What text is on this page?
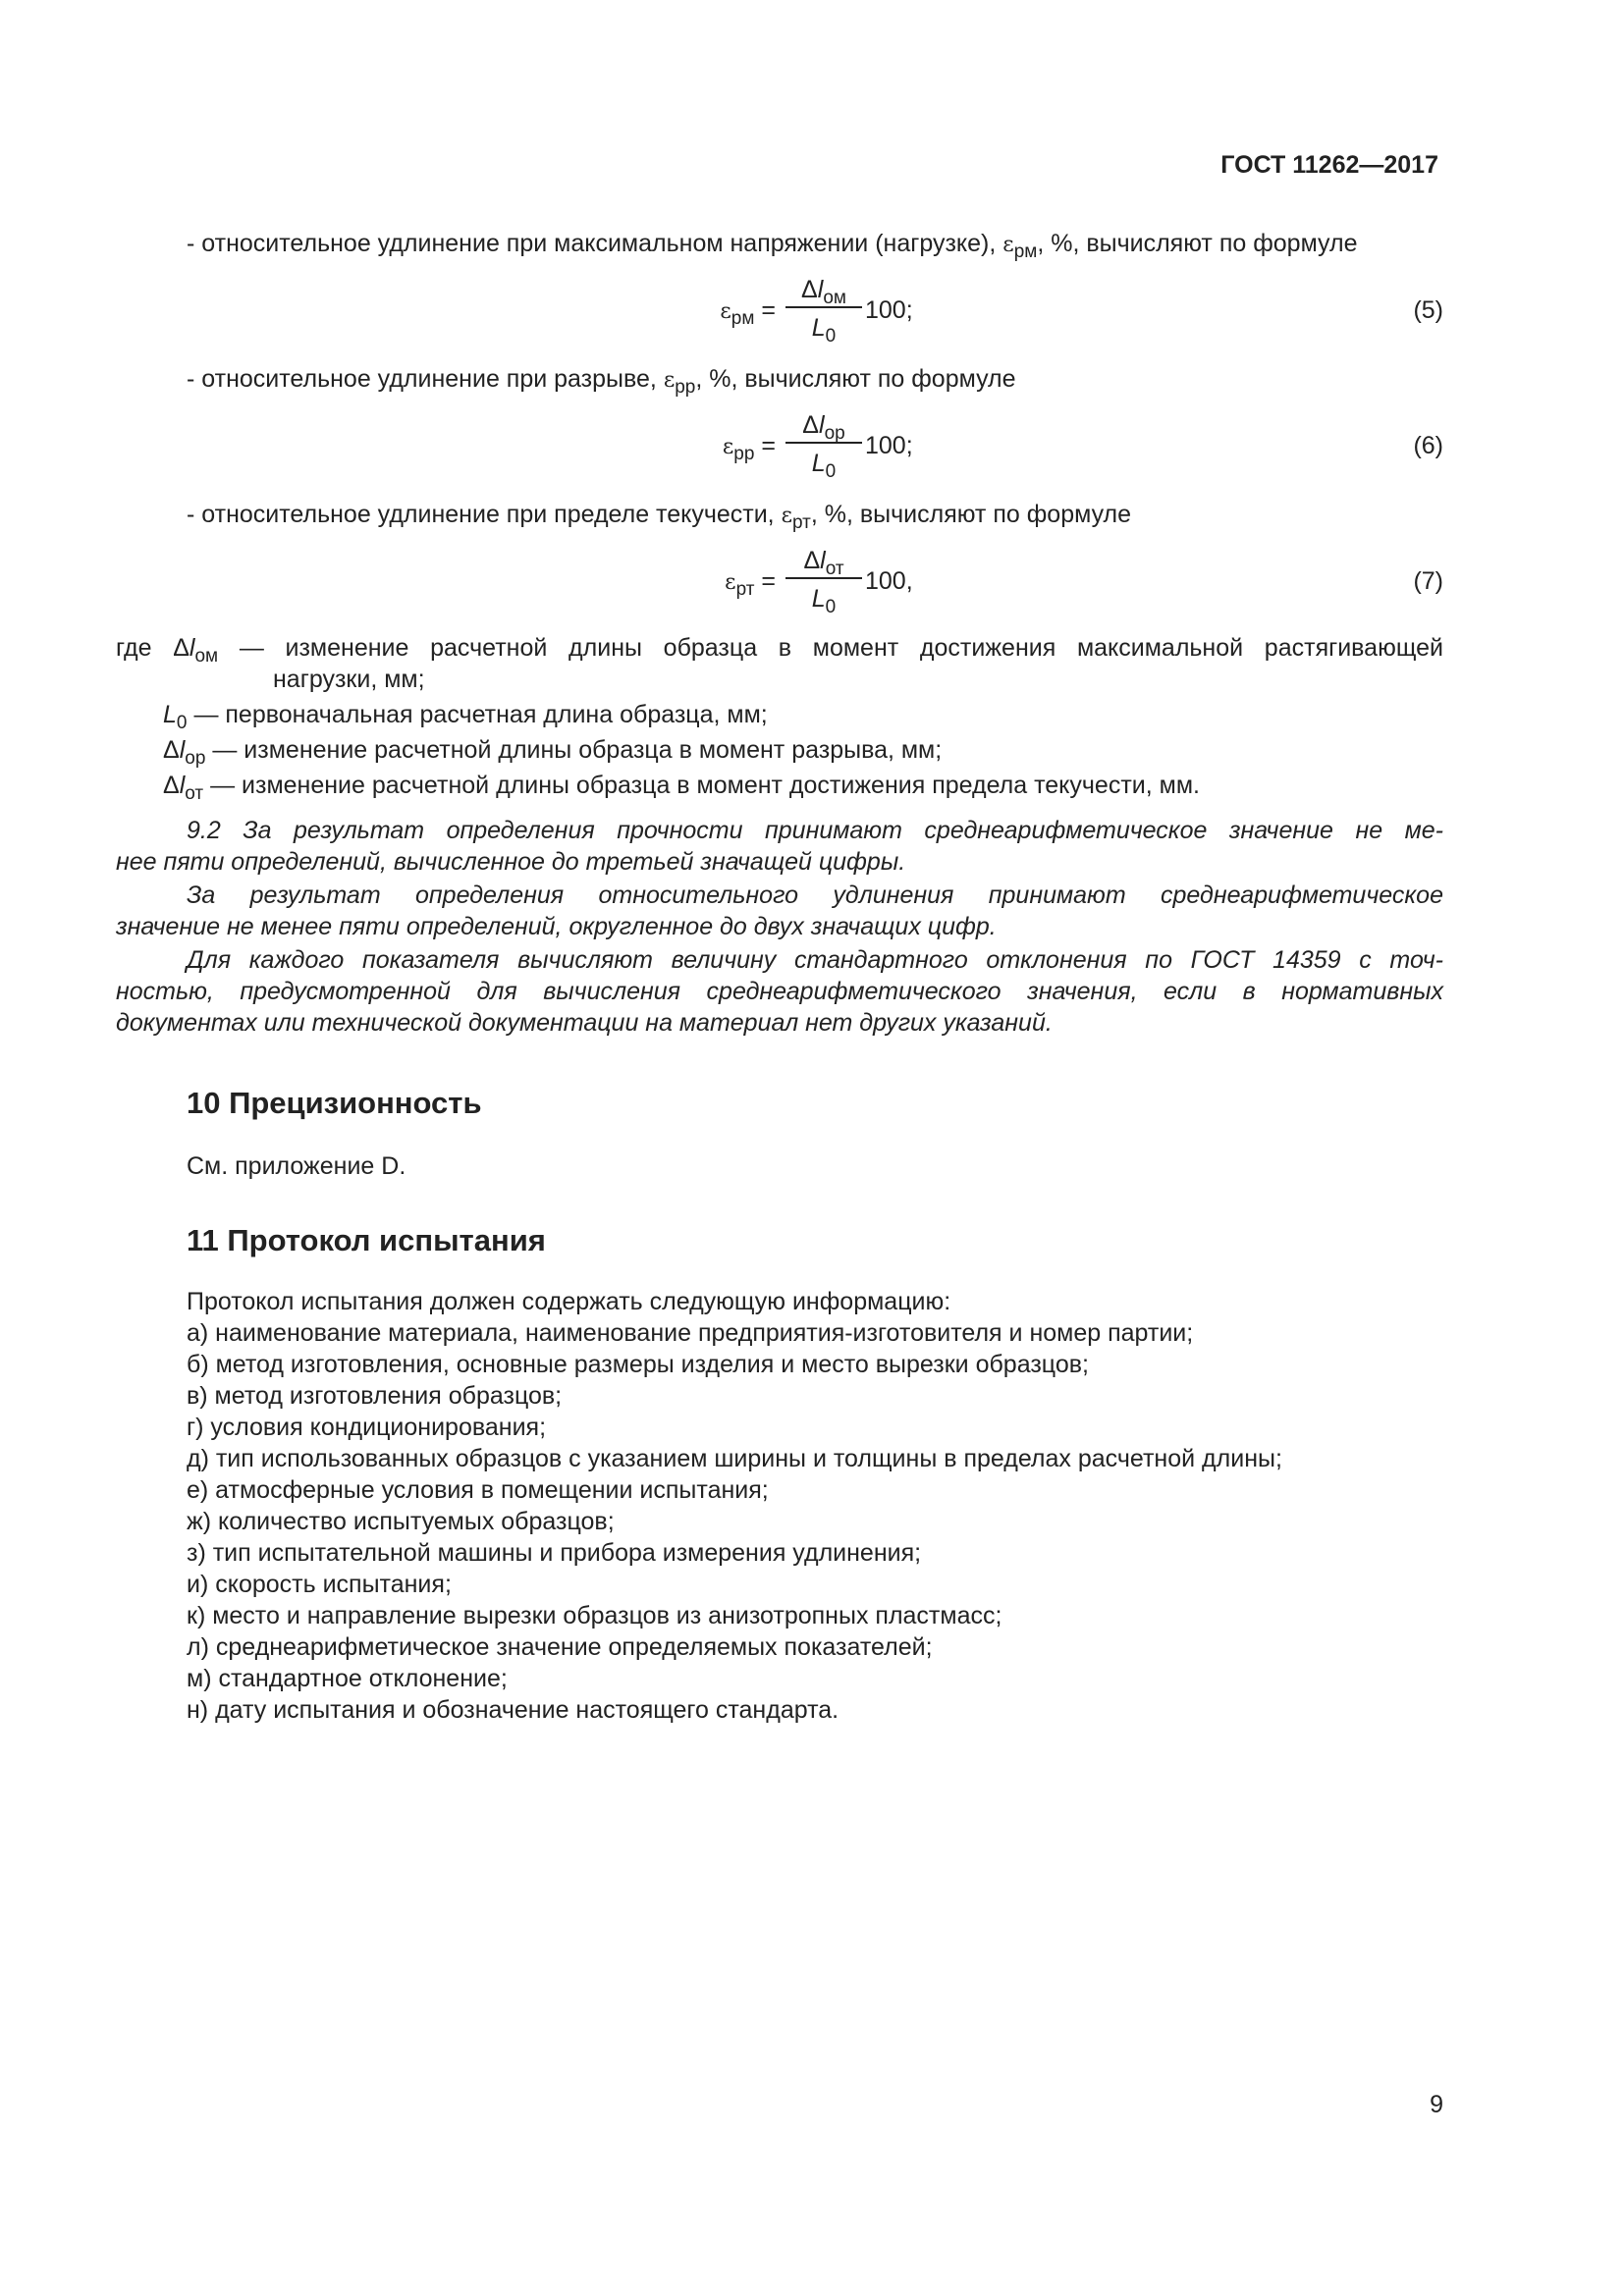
ГОСТ 11262—2017
- относительное удлинение при максимальном напряжении (нагрузке), $\varepsilon_{рм}$, %, вычисляют по формуле
$\varepsilon_{рм}$ =
$\Delta l_{ом}$
$L_0$
100;	(5)
- относительное удлинение при разрыве, $\varepsilon_{рр}$, %, вычисляют по формуле
$\varepsilon_{рр}$ =
$\Delta l_{ор}$
$L_0$
100;	(6)
- относительное удлинение при пределе текучести, $\varepsilon_{рт}$, %, вычисляют по формуле
$\varepsilon_{рт}$ =
$\Delta l_{от}$
$L_0$
100,	(7)
где $\Delta l_{ом}$ — изменение расчетной длины образца в момент достижения максимальной растягивающей
нагрузки, мм;
$L_0$ — первоначальная расчетная длина образца, мм;
$\Delta l_{ор}$ — изменение расчетной длины образца в момент разрыва, мм;
$\Delta l_{от}$ — изменение расчетной длины образца в момент достижения предела текучести, мм.
9.2 За результат определения прочности принимают среднеарифметическое значение не ме-
нее пяти определений, вычисленное до третьей значащей цифры.
За результат определения относительного удлинения принимают среднеарифметическое
значение не менее пяти определений, округленное до двух значащих цифр.
Для каждого показателя вычисляют величину стандартного отклонения по ГОСТ 14359 с точ-
ностью, предусмотренной для вычисления среднеарифметического значения, если в нормативных
документах или технической документации на материал нет других указаний.
10 Прецизионность
См. приложение D.
11 Протокол испытания
Протокол испытания должен содержать следующую информацию:
а) наименование материала, наименование предприятия-изготовителя и номер партии;
б) метод изготовления, основные размеры изделия и место вырезки образцов;
в) метод изготовления образцов;
г) условия кондиционирования;
д) тип использованных образцов с указанием ширины и толщины в пределах расчетной длины;
е) атмосферные условия в помещении испытания;
ж) количество испытуемых образцов;
з) тип испытательной машины и прибора измерения удлинения;
и) скорость испытания;
к) место и направление вырезки образцов из анизотропных пластмасс;
л) среднеарифметическое значение определяемых показателей;
м) стандартное отклонение;
н) дату испытания и обозначение настоящего стандарта.
9
